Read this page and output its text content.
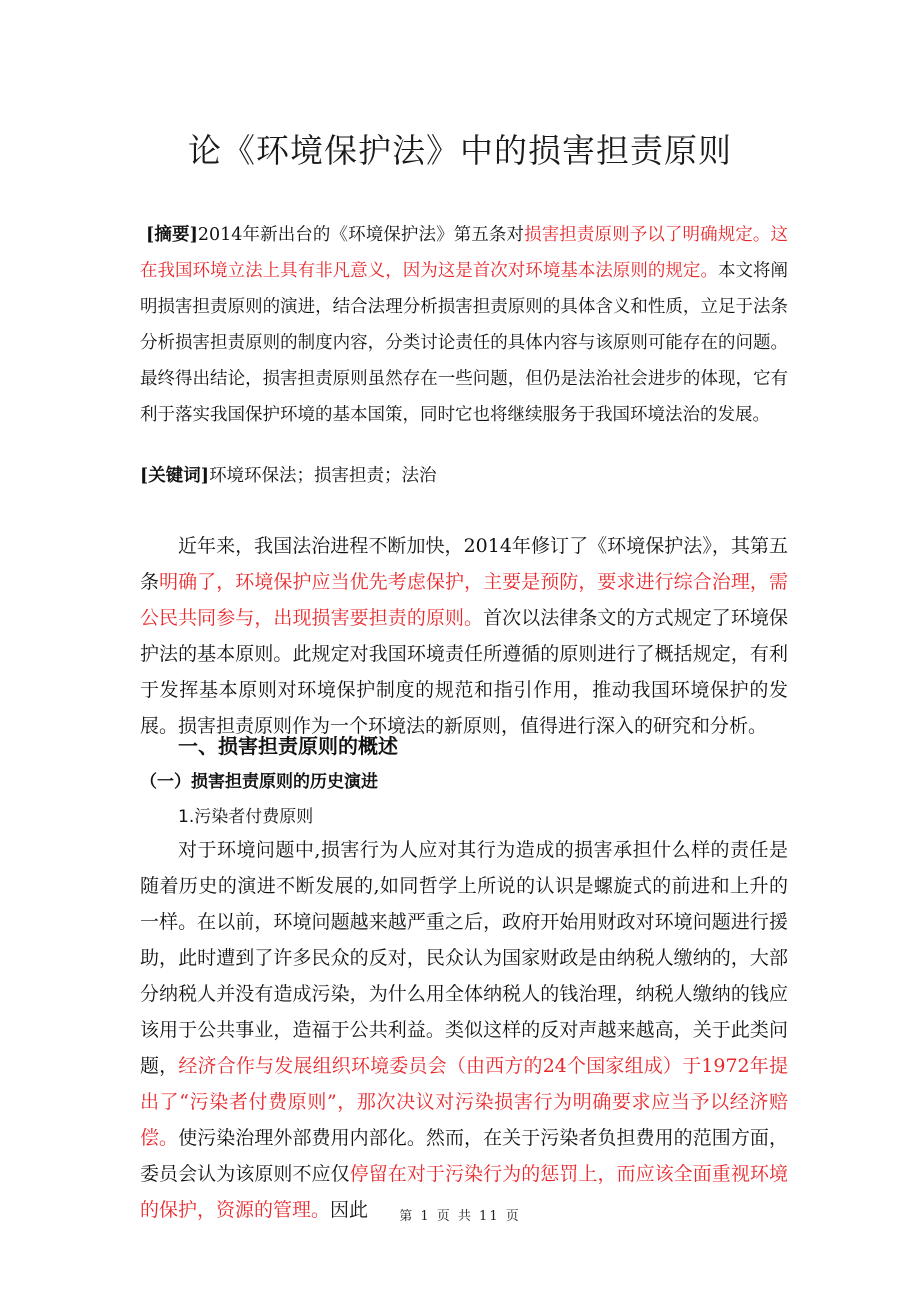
论《环境保护法》中的损害担责原则

[摘要]2014年新出台的《环境保护法》第五条对损害担责原则予以了明确规定。这在我国环境立法上具有非凡意义，因为这是首次对环境基本法原则的规定。本文将阐明损害担责原则的演进，结合法理分析损害担责原则的具体含义和性质，立足于法条分析损害担责原则的制度内容，分类讨论责任的具体内容与该原则可能存在的问题。最终得出结论，损害担责原则虽然存在一些问题，但仍是法治社会进步的体现，它有利于落实我国保护环境的基本国策，同时它也将继续服务于我国环境法治的发展。

[关键词]环境环保法；损害担责；法治

近年来，我国法治进程不断加快，2014年修订了《环境保护法》，其第五条明确了，环境保护应当优先考虑保护，主要是预防，要求进行综合治理，需公民共同参与，出现损害要担责的原则。首次以法律条文的方式规定了环境保护法的基本原则。此规定对我国环境责任所遵循的原则进行了概括规定，有利于发挥基本原则对环境保护制度的规范和指引作用，推动我国环境保护的发展。损害担责原则作为一个环境法的新原则，值得进行深入的研究和分析。

一、损害担责原则的概述
（一）损害担责原则的历史演进
1.污染者付费原则

对于环境问题中,损害行为人应对其行为造成的损害承担什么样的责任是随着历史的演进不断发展的,如同哲学上所说的认识是螺旋式的前进和上升的一样。在以前，环境问题越来越严重之后，政府开始用财政对环境问题进行援助，此时遭到了许多民众的反对，民众认为国家财政是由纳税人缴纳的，大部分纳税人并没有造成污染，为什么用全体纳税人的钱治理，纳税人缴纳的钱应该用于公共事业，造福于公共利益。类似这样的反对声越来越高，关于此类问题，经济合作与发展组织环境委员会（由西方的24个国家组成）于1972年提出了“污染者付费原则”，那次决议对污染损害行为明确要求应当予以经济赔偿。使污染治理外部费用内部化。然而，在关于污染者负担费用的范围方面，委员会认为该原则不应仅停留在对于污染行为的惩罚上，而应该全面重视环境的保护，资源的管理。因此	第 1 页 共 11 页
